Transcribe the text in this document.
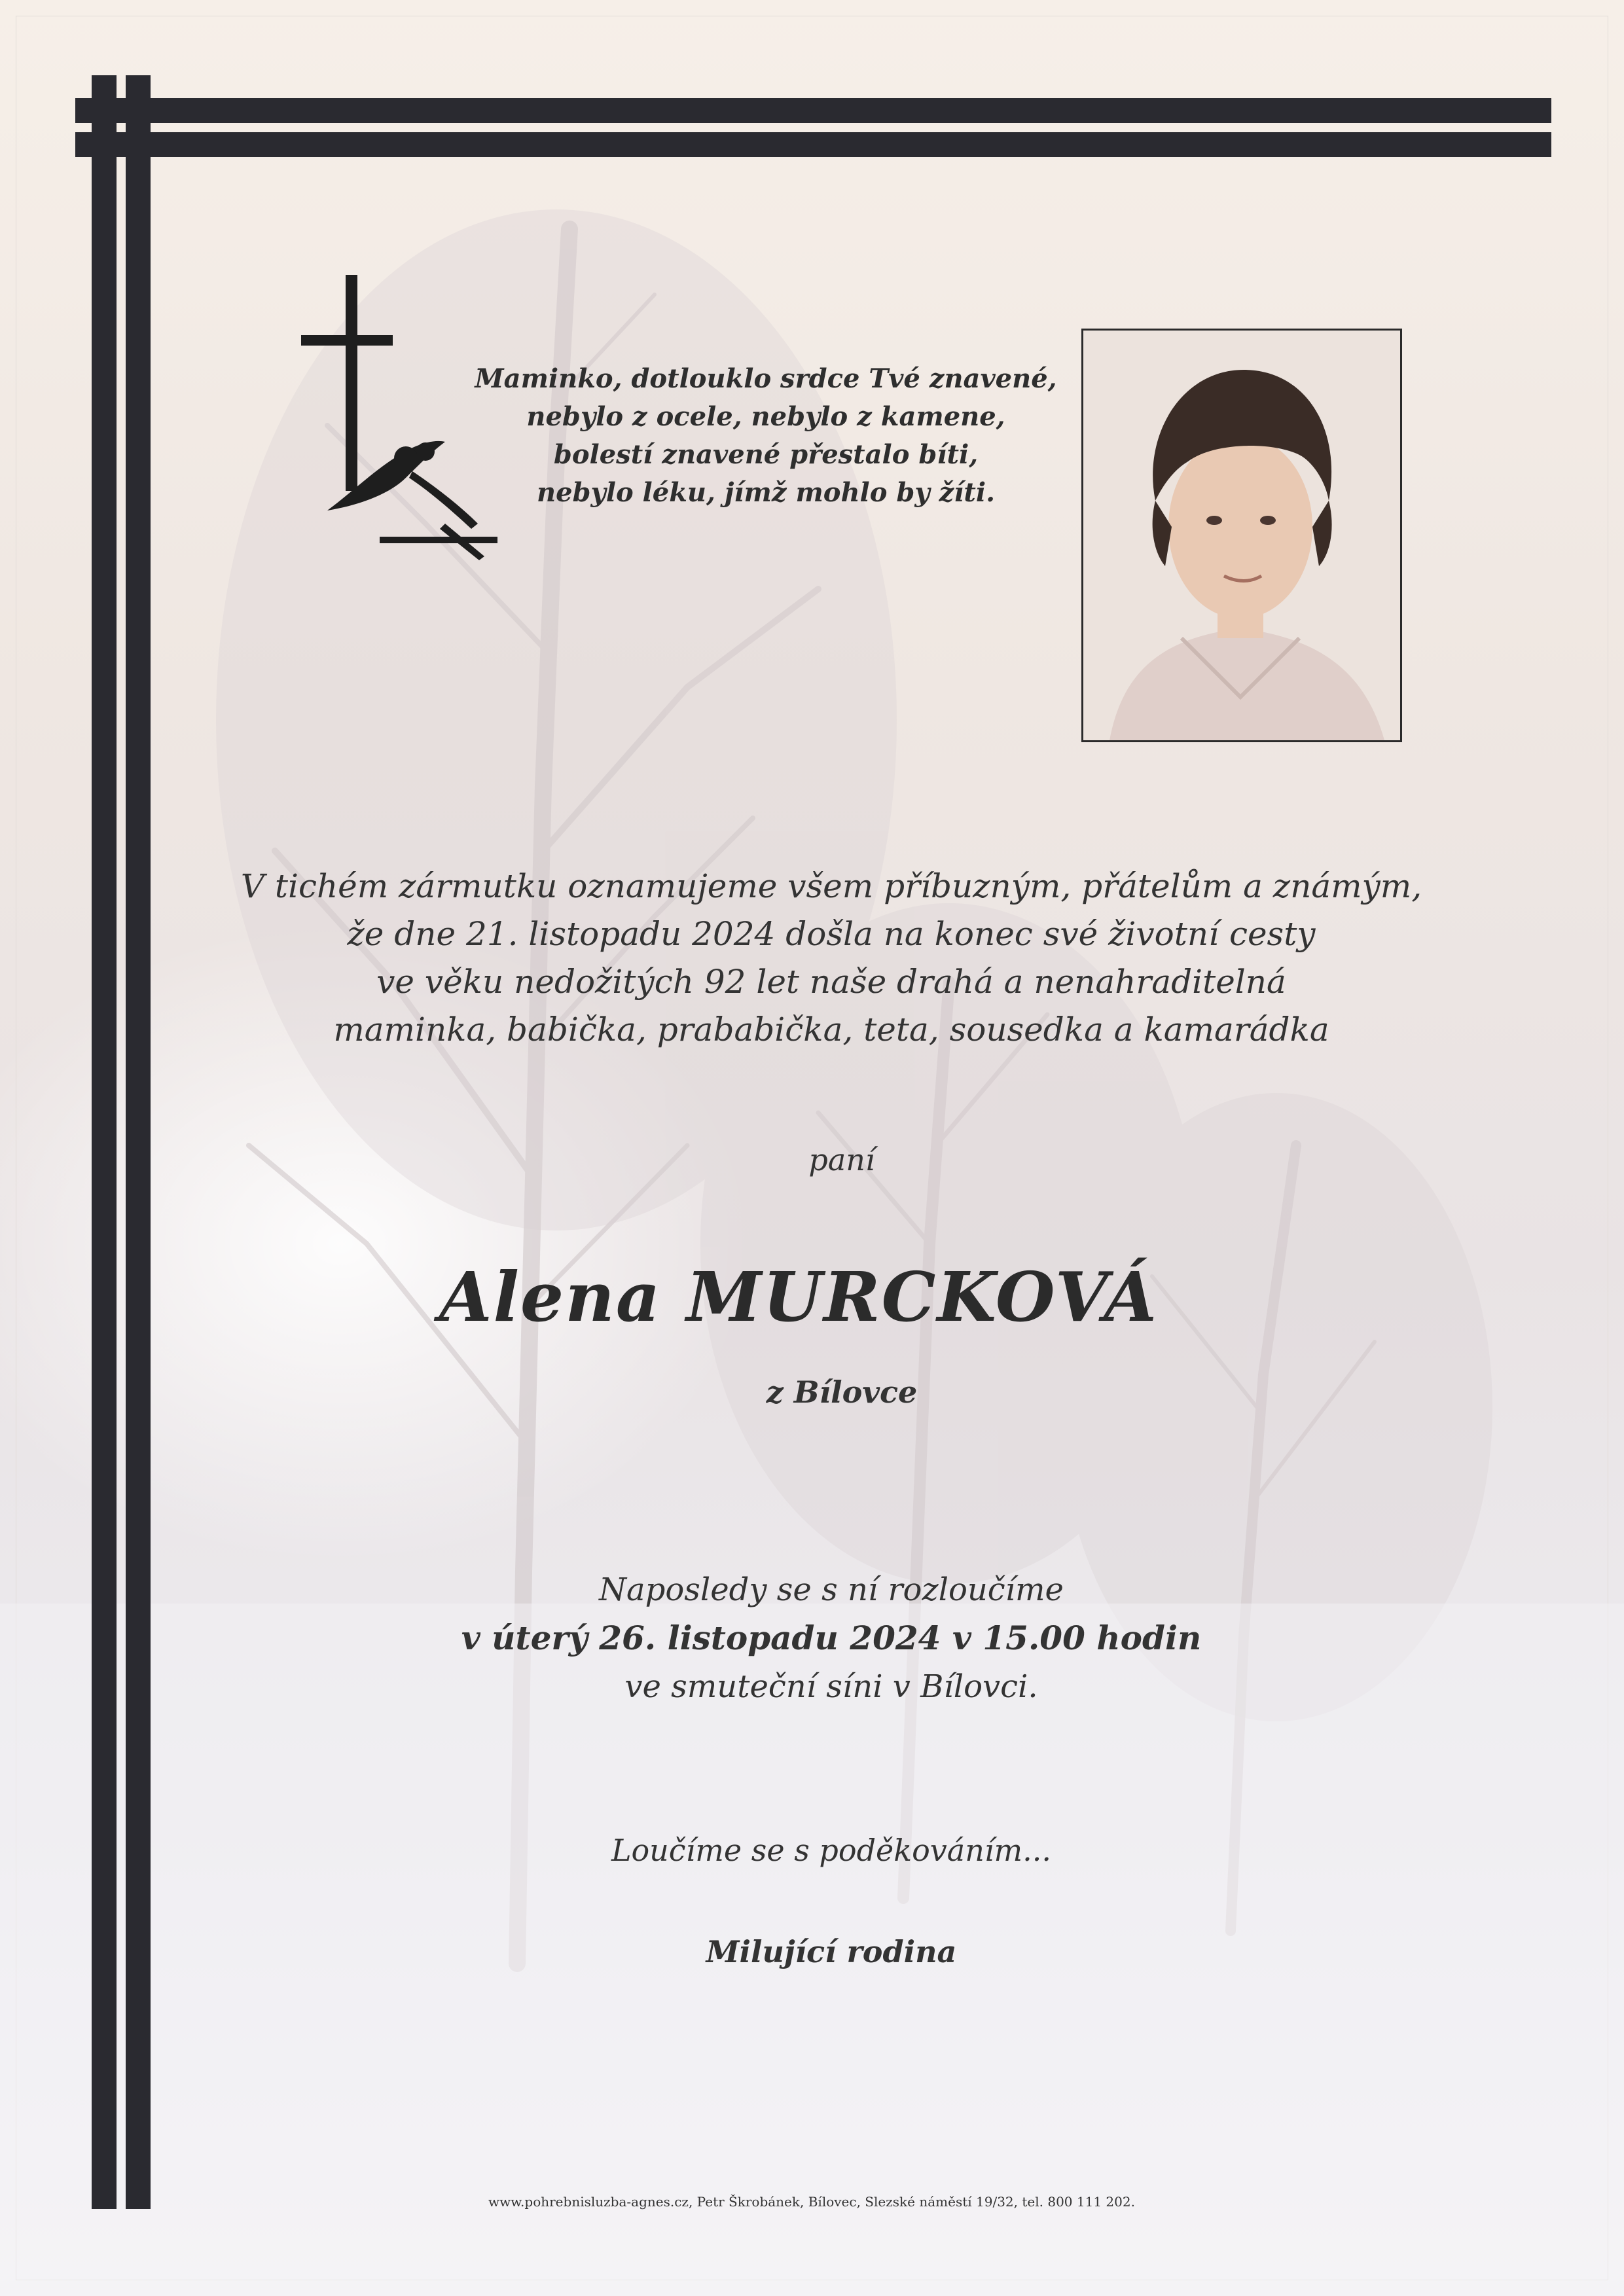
Maminko, dotlouklo srdce Tvé znavené,
nebylo z ocele, nebylo z kamene,
bolestí znavené přestalo bíti,
nebylo léku, jímž mohlo by žíti.
V tichém zármutku oznamujeme všem příbuzným, přátelům a známým,
že dne 21. listopadu 2024 došla na konec své životní cesty
ve věku nedožitých 92 let naše drahá a nenahraditelná
maminka, babička, prababička, teta, sousedka a kamarádka
paní
Alena MURCKOVÁ
z Bílovce
Naposledy se s ní rozloučíme
v úterý 26. listopadu 2024 v 15.00 hodin
ve smuteční síni v Bílovci.
Loučíme se s poděkováním...
Milující rodina
www.pohrebnisluzba-agnes.cz, Petr Škrobánek, Bílovec, Slezské náměstí 19/32, tel. 800 111 202.
